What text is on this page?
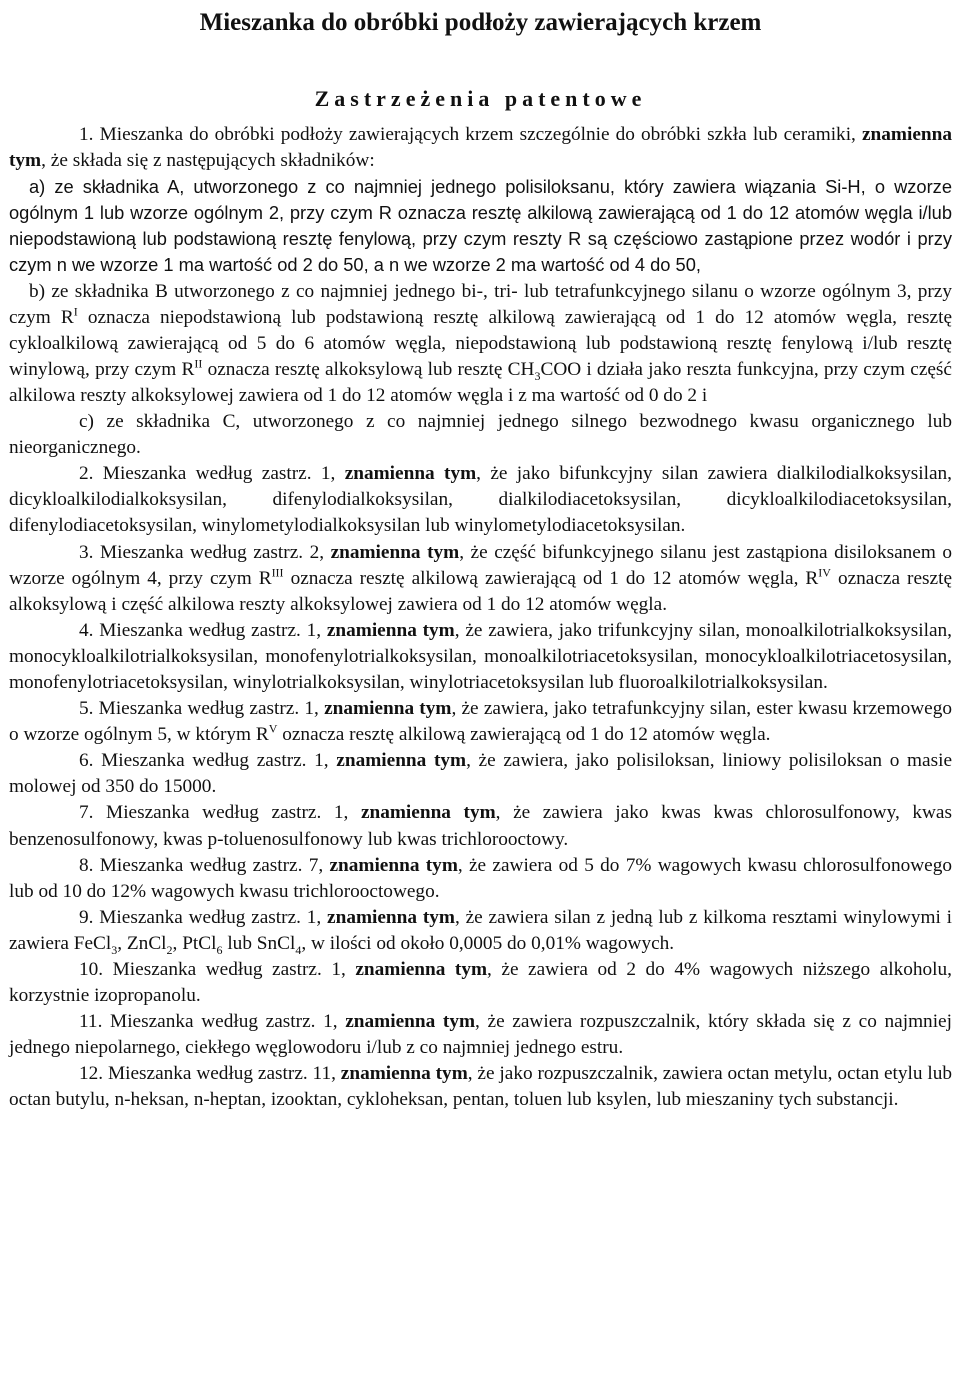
Mieszanka do obróbki podłoży zawierających krzem
Zastrzeżenia patentowe

1. Mieszanka do obróbki podłoży zawierających krzem szczególnie do obróbki szkła lub ceramiki, znamienna tym, że składa się z następujących składników:

a) ze składnika A, utworzonego z co najmniej jednego polisiloksanu, który zawiera wiązania Si-H, o wzorze ogólnym 1 lub wzorze ogólnym 2, przy czym R oznacza resztę alkilową zawierającą od 1 do 12 atomów węgla i/lub niepodstawioną lub podstawioną resztę fenylową, przy czym reszty R są częściowo zastąpione przez wodór i przy czym n we wzorze 1 ma wartość od 2 do 50, a n we wzorze 2 ma wartość od 4 do 50,

b) ze składnika B utworzonego z co najmniej jednego bi-, tri- lub tetrafunkcyjnego silanu o wzorze ogólnym 3, przy czym $R^I$ oznacza niepodstawioną lub podstawioną resztę alkilową zawierającą od 1 do 12 atomów węgla, resztę cykloalkilową zawierającą od 5 do 6 atomów węgla, niepodstawioną lub podstawioną resztę fenylową i/lub resztę winylową, przy czym $R^{II}$ oznacza resztę alkoksylową lub resztę $CH_3COO$ i działa jako reszta funkcyjna, przy czym część alkilowa reszty alkoksylowej zawiera od 1 do 12 atomów węgla i z ma wartość od 0 do 2 i

c) ze składnika C, utworzonego z co najmniej jednego silnego bezwodnego kwasu organicznego lub nieorganicznego.

2. Mieszanka według zastrz. 1, znamienna tym, że jako bifunkcyjny silan zawiera dialkilodialkoksysilan, dicykloalkilodialkoksysilan, difenylodialkoksysilan, dialkilodiacetoksysilan, dicykloalkilodiacetoksysilan, difenylodiacetoksysilan, winylometylodialkoksysilan lub winylometylodiacetoksysilan.

3. Mieszanka według zastrz. 2, znamienna tym, że część bifunkcyjnego silanu jest zastąpiona disiloksanem o wzorze ogólnym 4, przy czym $R^{III}$ oznacza resztę alkilową zawierającą od 1 do 12 atomów węgla, $R^{IV}$ oznacza resztę alkoksylową i część alkilowa reszty alkoksylowej zawiera od 1 do 12 atomów węgla.

4. Mieszanka według zastrz. 1, znamienna tym, że zawiera, jako trifunkcyjny silan, monoalkilotrialkoksysilan, monocykloalkilotrialkoksysilan, monofenylotrialkoksysilan, monoalkilotriacetoksysilan, monocykloalkilotriacetosysilan, monofenylotriacetoksysilan, winylotrialkoksysilan, winylotriacetoksysilan lub fluoroalkilotrialkoksysilan.

5. Mieszanka według zastrz. 1, znamienna tym, że zawiera, jako tetrafunkcyjny silan, ester kwasu krzemowego o wzorze ogólnym 5, w którym $R^V$ oznacza resztę alkilową zawierającą od 1 do 12 atomów węgla.

6. Mieszanka według zastrz. 1, znamienna tym, że zawiera, jako polisiloksan, liniowy polisiloksan o masie molowej od 350 do 15000.

7. Mieszanka według zastrz. 1, znamienna tym, że zawiera jako kwas kwas chlorosulfonowy, kwas benzenosulfonowy, kwas p-toluenosulfonowy lub kwas trichlorooctowy.

8. Mieszanka według zastrz. 7, znamienna tym, że zawiera od 5 do 7% wagowych kwasu chlorosulfonowego lub od 10 do 12% wagowych kwasu trichlorooctowego.

9. Mieszanka według zastrz. 1, znamienna tym, że zawiera silan z jedną lub z kilkoma resztami winylowymi i zawiera FeCl$_3$, ZnCl$_2$, PtCl$_6$ lub SnCl$_4$, w ilości od około 0,0005 do 0,01% wagowych.

10. Mieszanka według zastrz. 1, znamienna tym, że zawiera od 2 do 4% wagowych niższego alkoholu, korzystnie izopropanolu.

11. Mieszanka według zastrz. 1, znamienna tym, że zawiera rozpuszczalnik, który składa się z co najmniej jednego niepolarnego, ciekłego węglowodoru i/lub z co najmniej jednego estru.

12. Mieszanka według zastrz. 11, znamienna tym, że jako rozpuszczalnik, zawiera octan metylu, octan etylu lub octan butylu, n-heksan, n-heptan, izooktan, cykloheksan, pentan, toluen lub ksylen, lub mieszaniny tych substancji.
